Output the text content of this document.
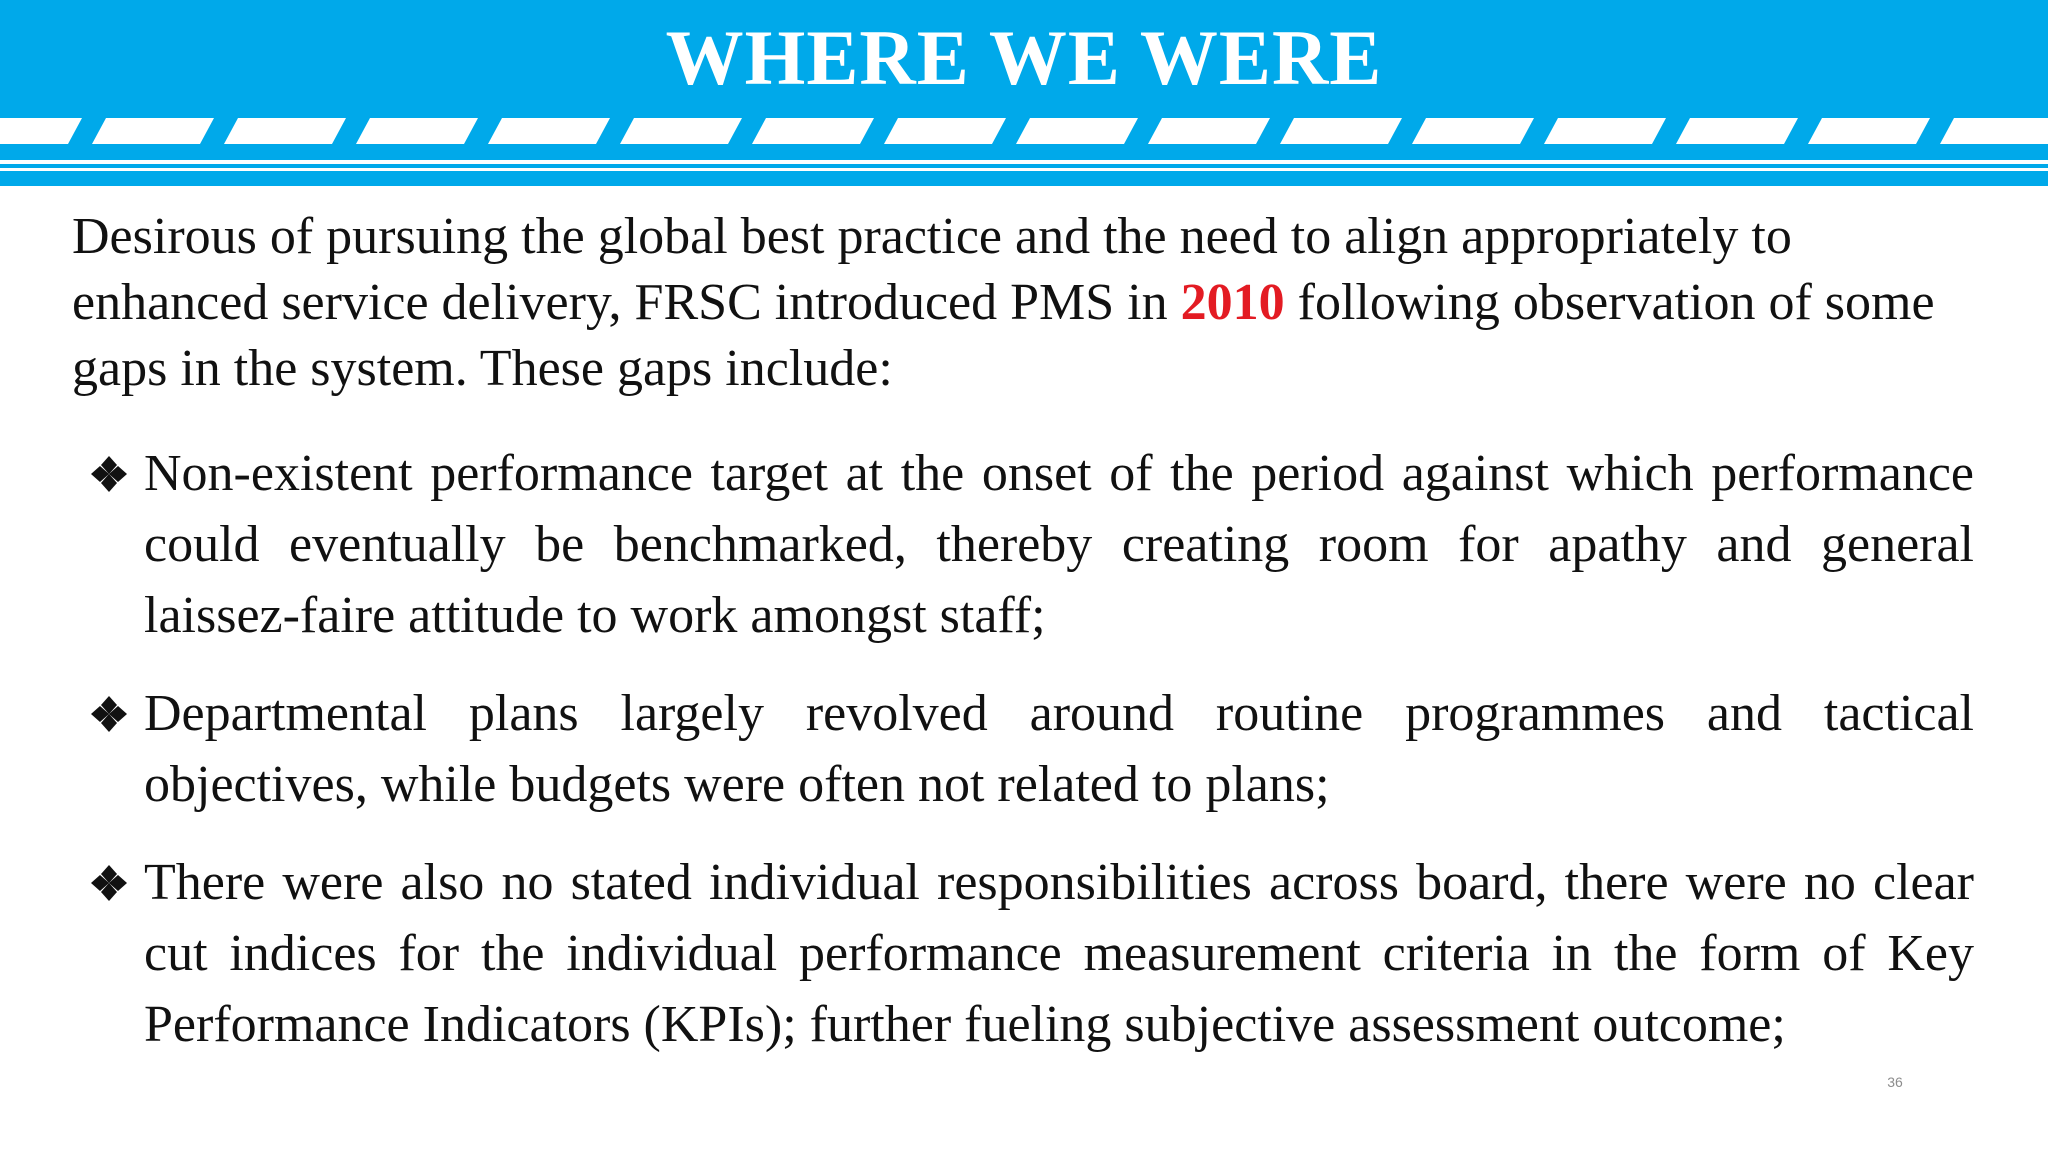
WHERE WE WERE

Desirous of pursuing the global best practice and the need to align appropriately to enhanced service delivery, FRSC introduced PMS in 2010 following observation of some gaps in the system. These gaps include:

Non-existent performance target at the onset of the period against which performance could eventually be benchmarked, thereby creating room for apathy and general laissez-faire attitude to work amongst staff;
Departmental plans largely revolved around routine programmes and tactical objectives, while budgets were often not related to plans;
There were also no stated individual responsibilities across board, there were no clear cut indices for the individual performance measurement criteria in the form of Key Performance Indicators (KPIs); further fueling subjective assessment outcome;
36
